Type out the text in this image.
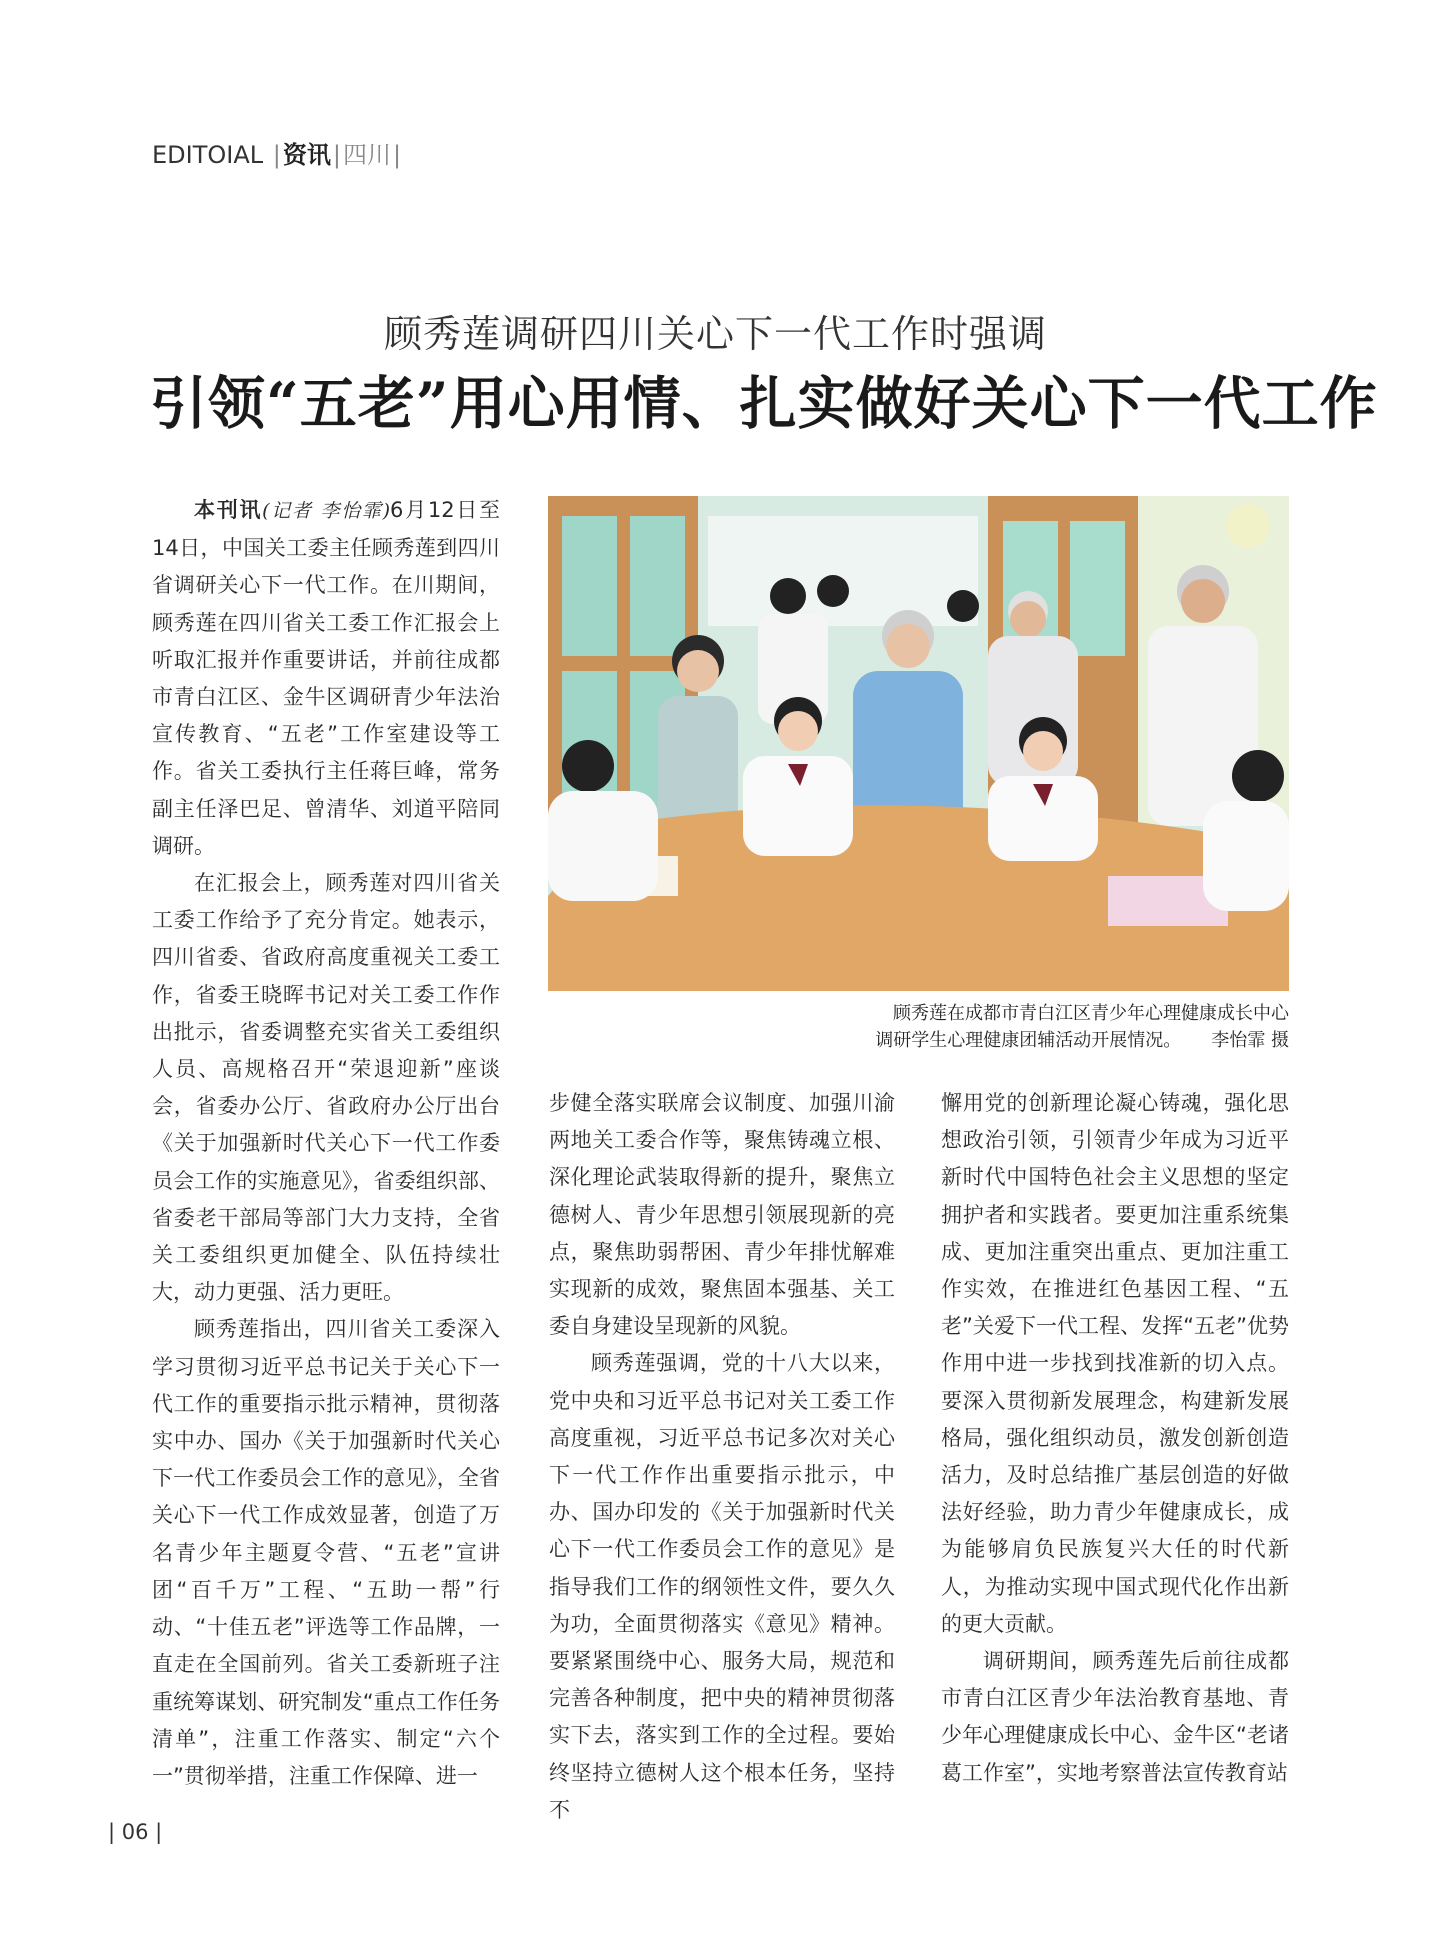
EDITOIAL |资讯|四川|
顾秀莲调研四川关心下一代工作时强调
引领“五老”用心用情、扎实做好关心下一代工作

本刊讯(记者 李怡霏)6月12日至14日，中国关工委主任顾秀莲到四川省调研关心下一代工作。在川期间，顾秀莲在四川省关工委工作汇报会上听取汇报并作重要讲话，并前往成都市青白江区、金牛区调研青少年法治宣传教育、“五老”工作室建设等工作。省关工委执行主任蒋巨峰，常务副主任泽巴足、曾清华、刘道平陪同调研。

在汇报会上，顾秀莲对四川省关工委工作给予了充分肯定。她表示，四川省委、省政府高度重视关工委工作，省委王晓晖书记对关工委工作作出批示，省委调整充实省关工委组织人员、高规格召开“荣退迎新”座谈会，省委办公厅、省政府办公厅出台《关于加强新时代关心下一代工作委员会工作的实施意见》，省委组织部、省委老干部局等部门大力支持，全省关工委组织更加健全、队伍持续壮大，动力更强、活力更旺。

顾秀莲指出，四川省关工委深入学习贯彻习近平总书记关于关心下一代工作的重要指示批示精神，贯彻落实中办、国办《关于加强新时代关心下一代工作委员会工作的意见》，全省关心下一代工作成效显著，创造了万名青少年主题夏令营、“五老”宣讲团“百千万”工程、“五助一帮”行动、“十佳五老”评选等工作品牌，一直走在全国前列。省关工委新班子注重统筹谋划、研究制发“重点工作任务清单”，注重工作落实、制定“六个一”贯彻举措，注重工作保障、进一

顾秀莲在成都市青白江区青少年心理健康成长中心
调研学生心理健康团辅活动开展情况。 李怡霏 摄

步健全落实联席会议制度、加强川渝两地关工委合作等，聚焦铸魂立根、深化理论武装取得新的提升，聚焦立德树人、青少年思想引领展现新的亮点，聚焦助弱帮困、青少年排忧解难实现新的成效，聚焦固本强基、关工委自身建设呈现新的风貌。

顾秀莲强调，党的十八大以来，党中央和习近平总书记对关工委工作高度重视，习近平总书记多次对关心下一代工作作出重要指示批示，中办、国办印发的《关于加强新时代关心下一代工作委员会工作的意见》是指导我们工作的纲领性文件，要久久为功，全面贯彻落实《意见》精神。要紧紧围绕中心、服务大局，规范和完善各种制度，把中央的精神贯彻落实下去，落实到工作的全过程。要始终坚持立德树人这个根本任务，坚持不

懈用党的创新理论凝心铸魂，强化思想政治引领，引领青少年成为习近平新时代中国特色社会主义思想的坚定拥护者和实践者。要更加注重系统集成、更加注重突出重点、更加注重工作实效，在推进红色基因工程、“五老”关爱下一代工程、发挥“五老”优势作用中进一步找到找准新的切入点。要深入贯彻新发展理念，构建新发展格局，强化组织动员，激发创新创造活力，及时总结推广基层创造的好做法好经验，助力青少年健康成长，成为能够肩负民族复兴大任的时代新人，为推动实现中国式现代化作出新的更大贡献。

调研期间，顾秀莲先后前往成都市青白江区青少年法治教育基地、青少年心理健康成长中心、金牛区“老诸葛工作室”，实地考察普法宣传教育站

| 06 |
